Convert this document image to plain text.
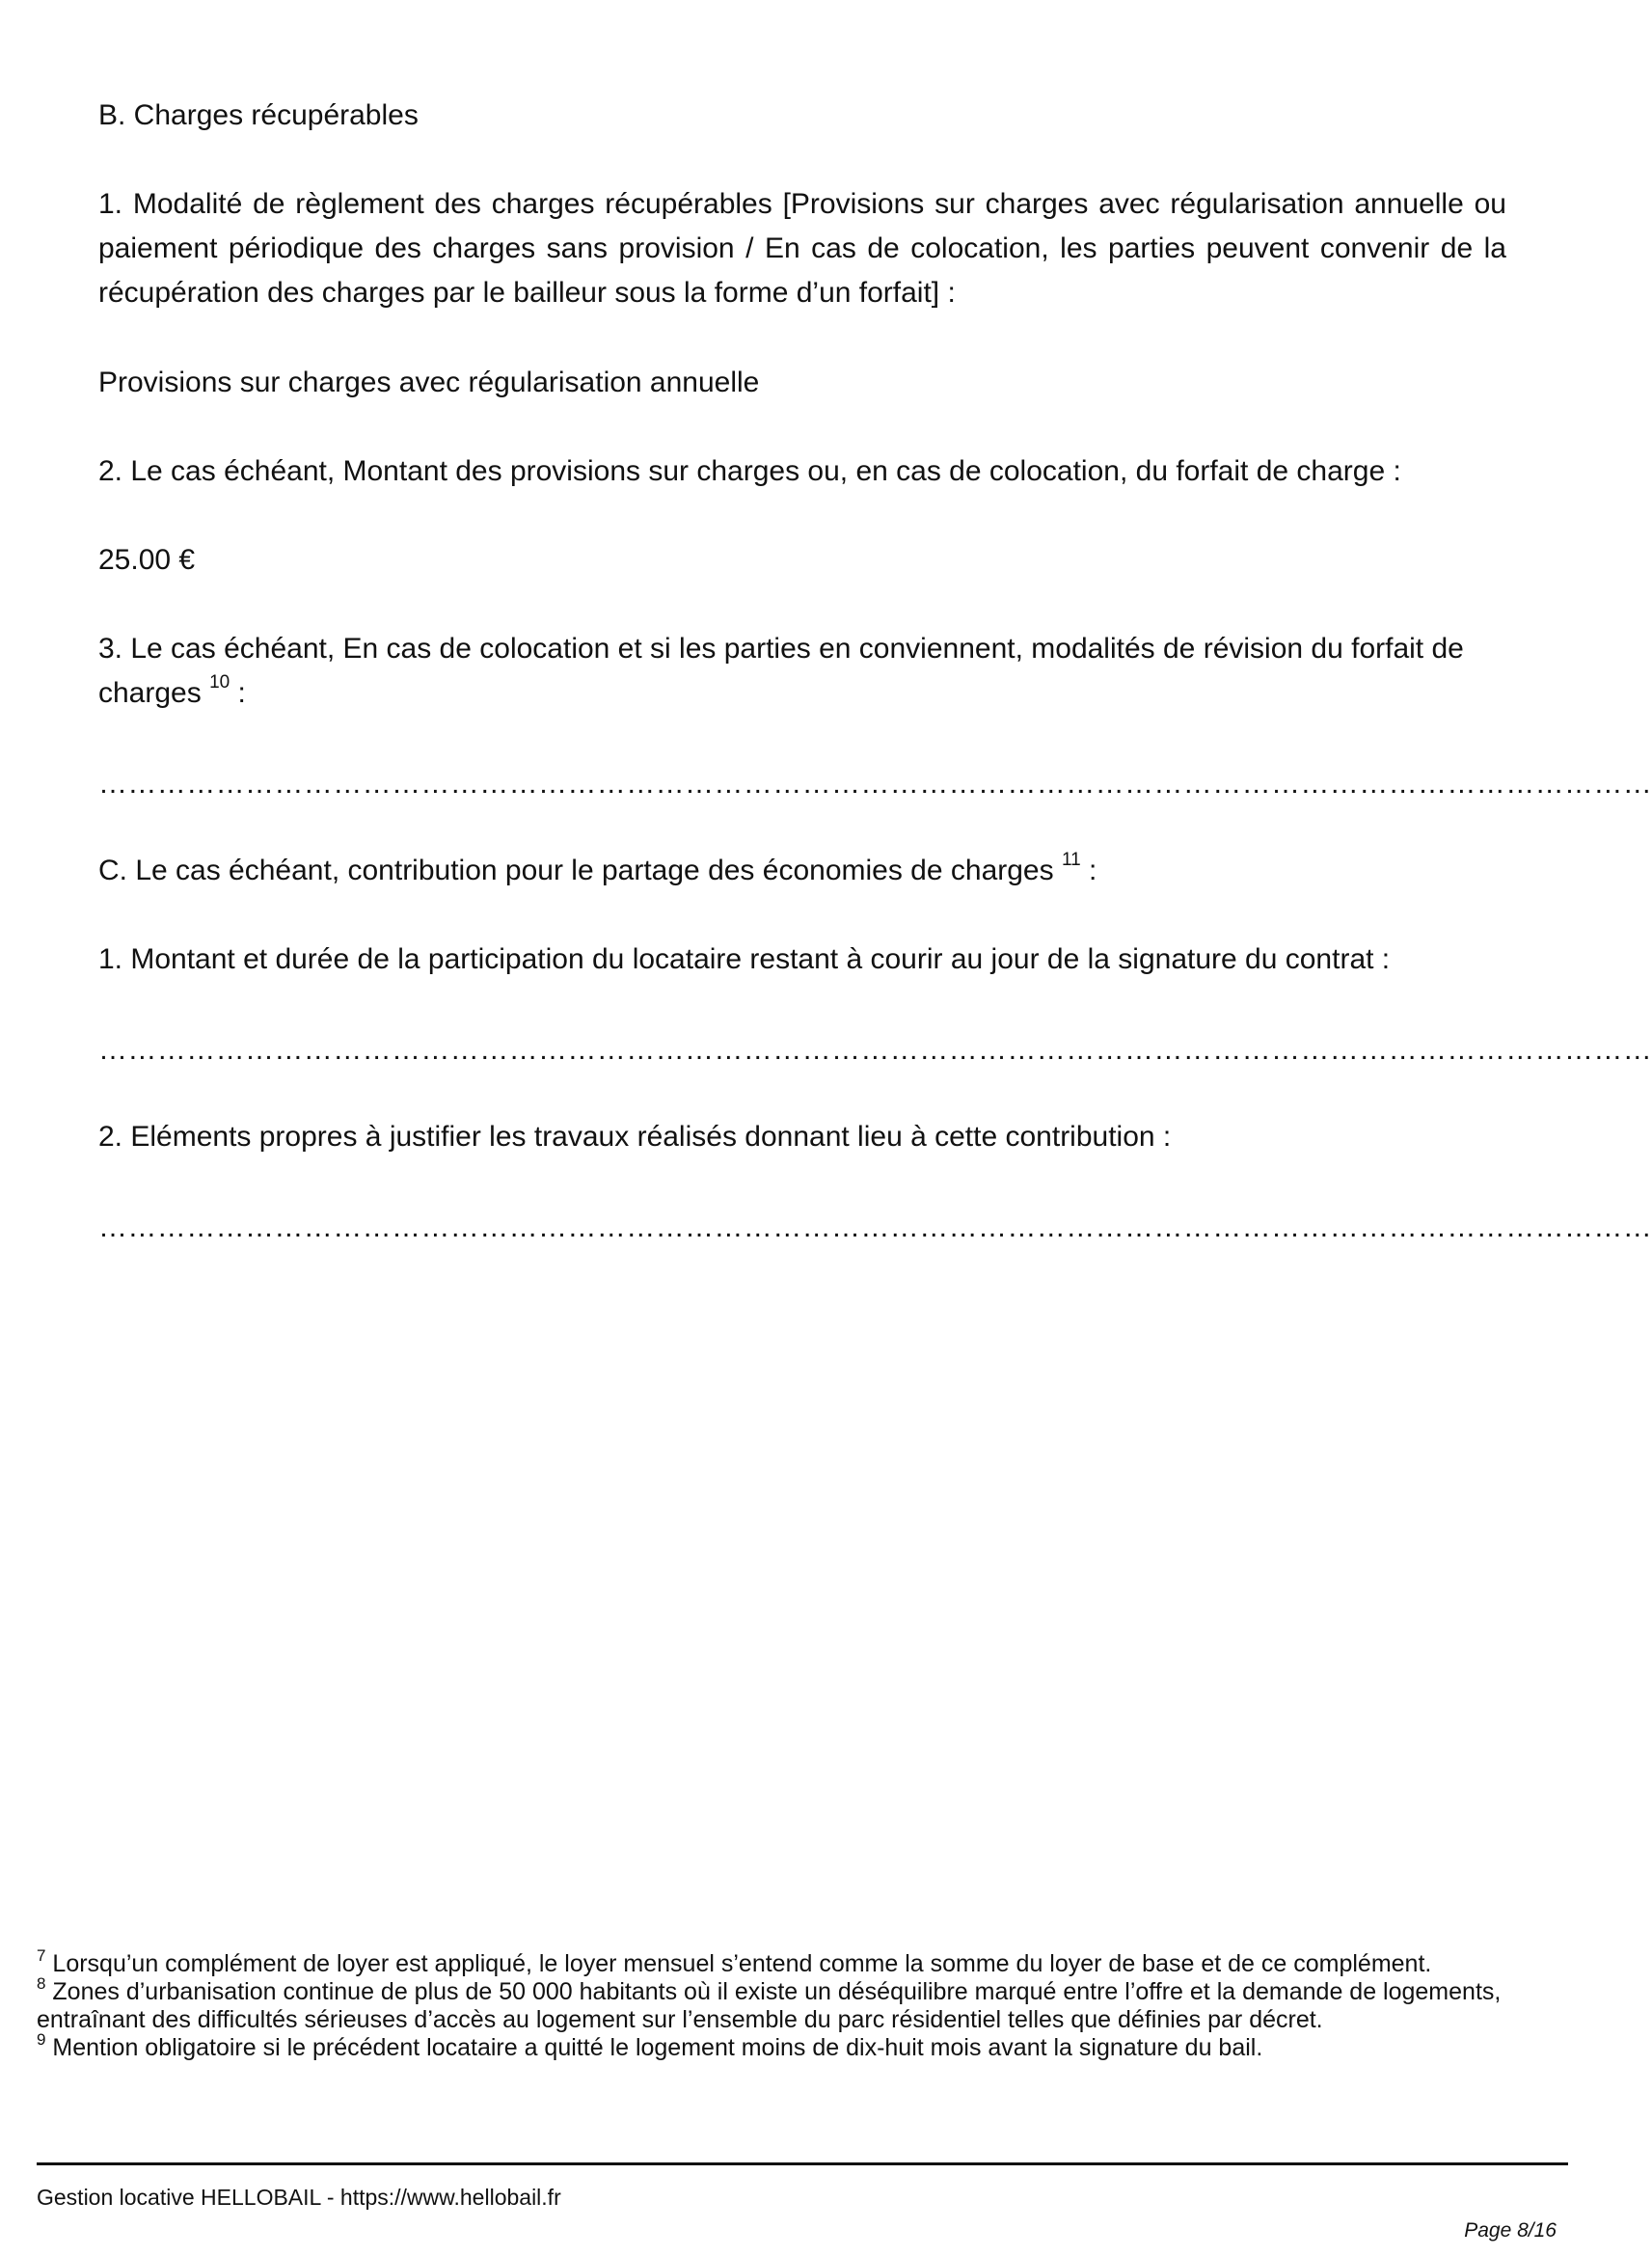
B. Charges récupérables

1. Modalité de règlement des charges récupérables [Provisions sur charges avec régularisation annuelle ou paiement périodique des charges sans provision / En cas de colocation, les parties peuvent convenir de la récupération des charges par le bailleur sous la forme d’un forfait] :

Provisions sur charges avec régularisation annuelle

2. Le cas échéant, Montant des provisions sur charges ou, en cas de colocation, du forfait de charge :

25.00 €

3. Le cas échéant, En cas de colocation et si les parties en conviennent, modalités de révision du forfait de charges $^{10}$ :

……………………………………………………………………………………………………………………………………………

C. Le cas échéant, contribution pour le partage des économies de charges $^{11}$ :

1. Montant et durée de la participation du locataire restant à courir au jour de la signature du contrat :

……………………………………………………………………………………………………………………………………………

2. Eléments propres à justifier les travaux réalisés donnant lieu à cette contribution :

……………………………………………………………………………………………………………………………………………

$^7$ Lorsqu’un complément de loyer est appliqué, le loyer mensuel s’entend comme la somme du loyer de base et de ce complément.

$^8$ Zones d’urbanisation continue de plus de 50 000 habitants où il existe un déséquilibre marqué entre l’offre et la demande de logements, entraînant des difficultés sérieuses d’accès au logement sur l’ensemble du parc résidentiel telles que définies par décret.

$^9$ Mention obligatoire si le précédent locataire a quitté le logement moins de dix-huit mois avant la signature du bail.

Gestion locative HELLOBAIL - https://www.hellobail.fr
Page 8/16
